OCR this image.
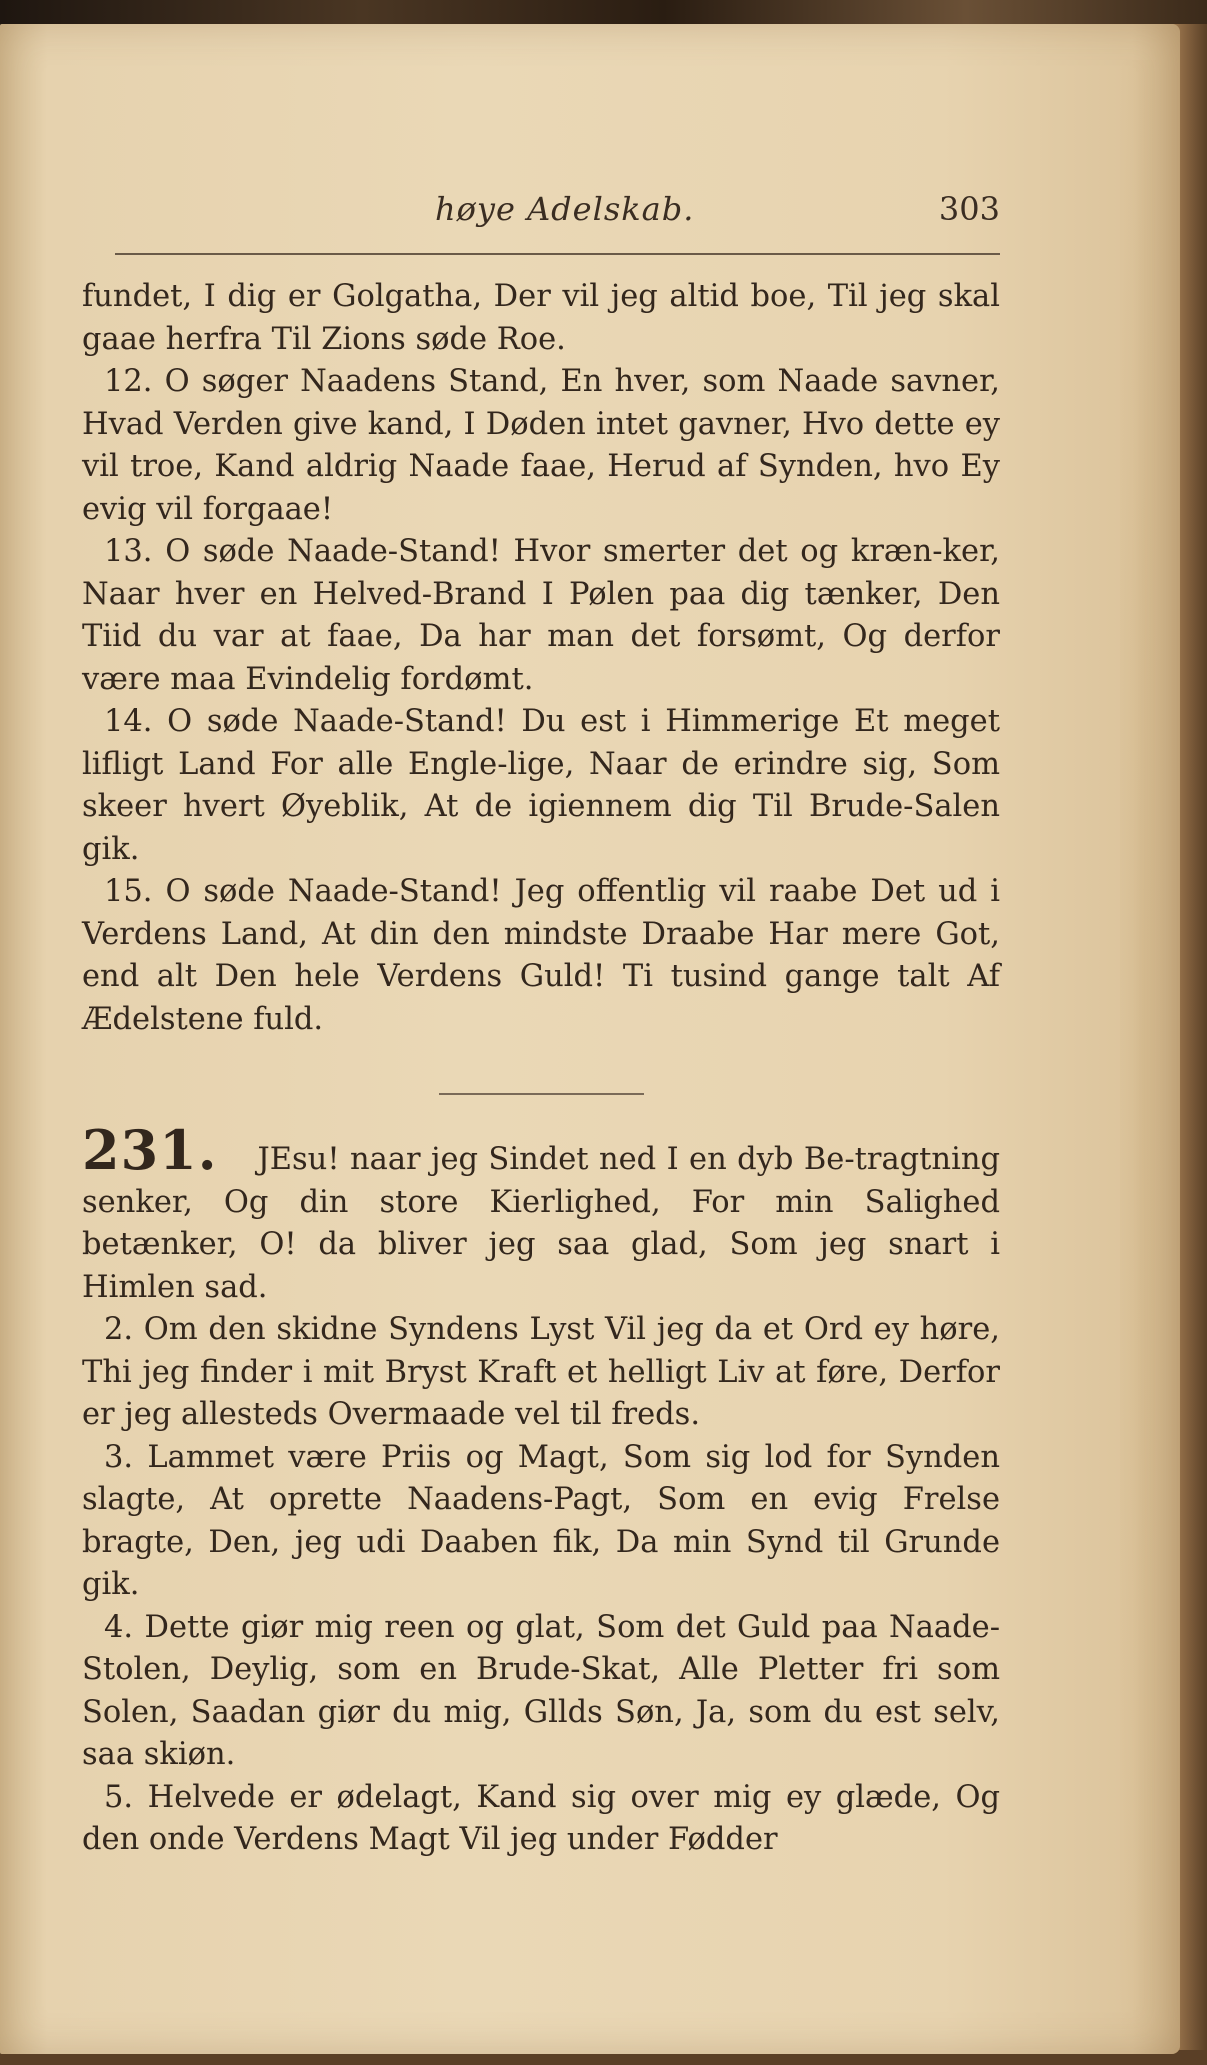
høye Adelskab.	303

fundet, I dig er Golgatha, Der vil jeg altid boe, Til jeg skal gaae herfra Til Zions søde Roe.

12. O søger Naadens Stand, En hver, som Naade savner, Hvad Verden give kand, I Døden intet gavner, Hvo dette ey vil troe, Kand aldrig Naade faae, Herud af Synden, hvo Ey evig vil forgaae!

13. O søde Naade-Stand! Hvor smerter det og kræn-ker, Naar hver en Helved-Brand I Pølen paa dig tænker, Den Tiid du var at faae, Da har man det forsømt, Og derfor være maa Evindelig fordømt.

14. O søde Naade-Stand! Du est i Himmerige Et meget lifligt Land For alle Engle-lige, Naar de erindre sig, Som skeer hvert Øyeblik, At de igiennem dig Til Brude-Salen gik.

15. O søde Naade-Stand! Jeg offentlig vil raabe Det ud i Verdens Land, At din den mindste Draabe Har mere Got, end alt Den hele Verdens Guld! Ti tusind gange talt Af Ædelstene fuld.

231. JEsu! naar jeg Sindet ned I en dyb Be-tragtning senker, Og din store Kierlighed, For min Salighed betænker, O! da bliver jeg saa glad, Som jeg snart i Himlen sad.

2. Om den skidne Syndens Lyst Vil jeg da et Ord ey høre, Thi jeg finder i mit Bryst Kraft et helligt Liv at føre, Derfor er jeg allesteds Overmaade vel til freds.

3. Lammet være Priis og Magt, Som sig lod for Synden slagte, At oprette Naadens-Pagt, Som en evig Frelse bragte, Den, jeg udi Daaben fik, Da min Synd til Grunde gik.

4. Dette giør mig reen og glat, Som det Guld paa Naade-Stolen, Deylig, som en Brude-Skat, Alle Pletter fri som Solen, Saadan giør du mig, Gllds Søn, Ja, som du est selv, saa skiøn.

5. Helvede er ødelagt, Kand sig over mig ey glæde, Og den onde Verdens Magt Vil jeg under Fødder
